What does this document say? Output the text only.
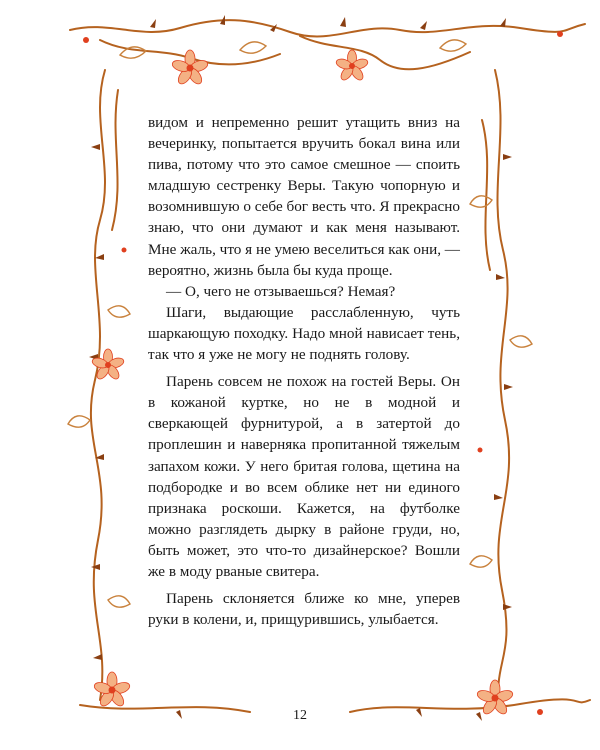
видом и непременно решит утащить вниз на вечеринку, попытается вручить бокал вина или пива, потому что это самое смешное — споить младшую сестренку Веры. Такую чопорную и возомнившую о себе бог весть что. Я прекрасно знаю, что они думают и как меня называют. Мне жаль, что я не умею веселиться как они, — вероятно, жизнь была бы куда проще.

— О, чего не отзываешься? Немая?

Шаги, выдающие расслабленную, чуть шаркающую походку. Надо мной нависает тень, так что я уже не могу не поднять голову.

Парень совсем не похож на гостей Веры. Он в кожаной куртке, но не в модной и сверкающей фурнитурой, а в затертой до проплешин и наверняка пропитанной тяжелым запахом кожи. У него бритая голова, щетина на подбородке и во всем облике нет ни единого признака роскоши. Кажется, на футболке можно разглядеть дырку в районе груди, но, быть может, это что-то дизайнерское? Вошли же в моду рваные свитера.

Парень склоняется ближе ко мне, уперев руки в колени, и, прищурившись, улыбается.

12
